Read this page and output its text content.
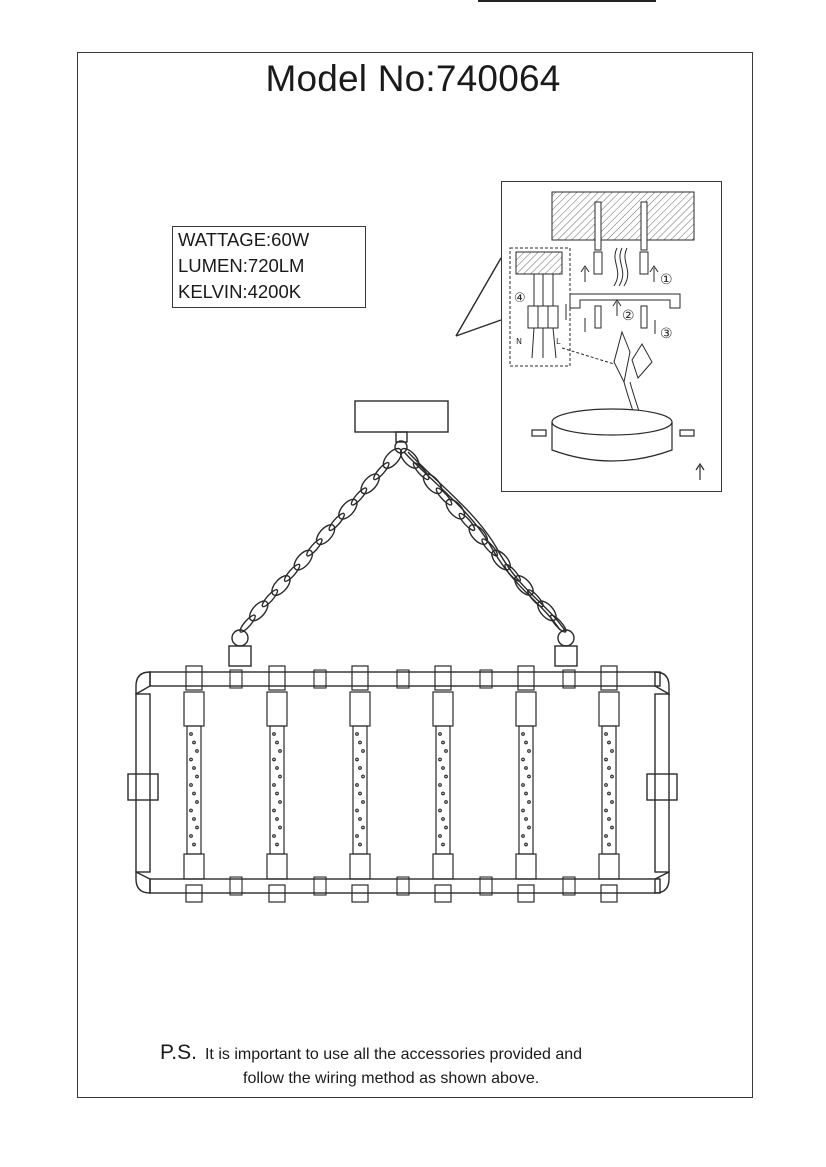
Model No:740064
WATTAGE:60W
LUMEN:720LM
KELVIN:4200K
①
②
③
④
N	L
P.S. It is important to use all the accessories provided and
follow the wiring method as shown above.
